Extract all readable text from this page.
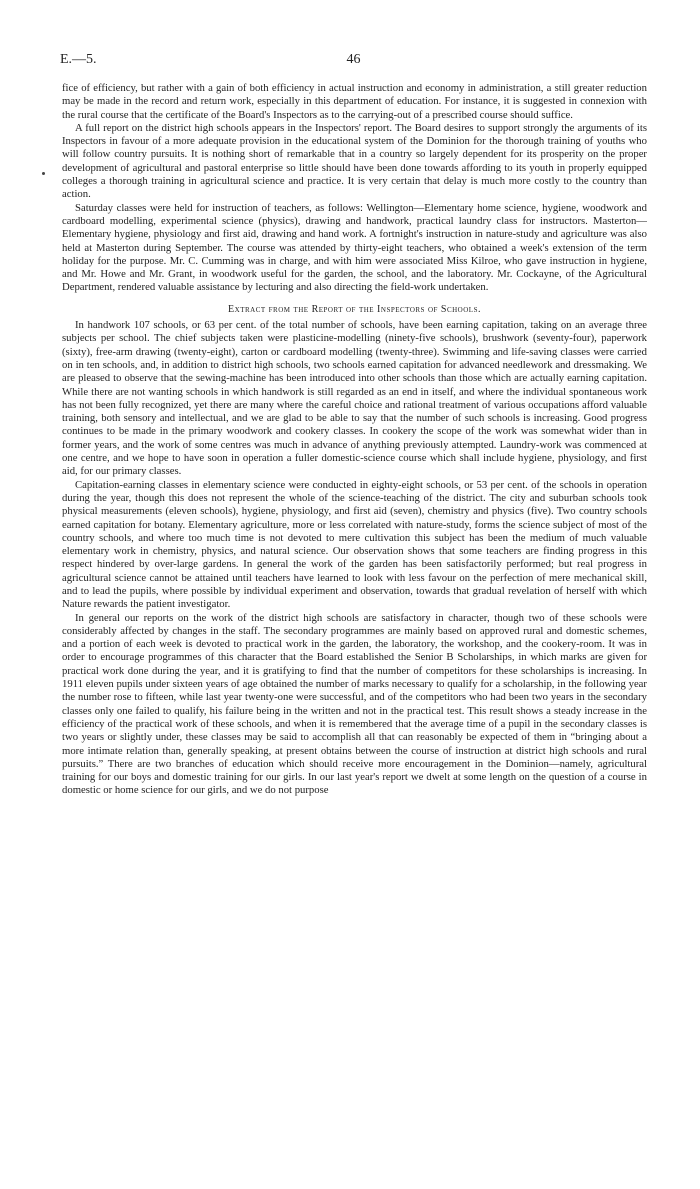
E.—5.	46

fice of efficiency, but rather with a gain of both efficiency in actual instruction and economy in administration, a still greater reduction may be made in the record and return work, especially in this department of education. For instance, it is suggested in connexion with the rural course that the certificate of the Board's Inspectors as to the carrying-out of a prescribed course should suffice.

A full report on the district high schools appears in the Inspectors' report. The Board desires to support strongly the arguments of its Inspectors in favour of a more adequate provision in the educational system of the Dominion for the thorough training of youths who will follow country pursuits. It is nothing short of remarkable that in a country so largely dependent for its prosperity on the proper development of agricultural and pastoral enterprise so little should have been done towards affording to its youth in properly equipped colleges a thorough training in agricultural science and practice. It is very certain that delay is much more costly to the country than action.

Saturday classes were held for instruction of teachers, as follows: Wellington—Elementary home science, hygiene, woodwork and cardboard modelling, experimental science (physics), drawing and handwork, practical laundry class for instructors. Masterton—Elementary hygiene, physiology and first aid, drawing and hand work. A fortnight's instruction in nature-study and agriculture was also held at Masterton during September. The course was attended by thirty-eight teachers, who obtained a week's extension of the term holiday for the purpose. Mr. C. Cumming was in charge, and with him were associated Miss Kilroe, who gave instruction in hygiene, and Mr. Howe and Mr. Grant, in woodwork useful for the garden, the school, and the laboratory. Mr. Cockayne, of the Agricultural Department, rendered valuable assistance by lecturing and also directing the field-work undertaken.

Extract from the Report of the Inspectors of Schools.

In handwork 107 schools, or 63 per cent. of the total number of schools, have been earning capitation, taking on an average three subjects per school. The chief subjects taken were plasticine-modelling (ninety-five schools), brushwork (seventy-four), paperwork (sixty), free-arm drawing (twenty-eight), carton or cardboard modelling (twenty-three). Swimming and life-saving classes were carried on in ten schools, and, in addition to district high schools, two schools earned capitation for advanced needlework and dressmaking. We are pleased to observe that the sewing-machine has been introduced into other schools than those which are actually earning capitation. While there are not wanting schools in which handwork is still regarded as an end in itself, and where the individual spontaneous work has not been fully recognized, yet there are many where the careful choice and rational treatment of various occupations afford valuable training, both sensory and intellectual, and we are glad to be able to say that the number of such schools is increasing. Good progress continues to be made in the primary woodwork and cookery classes. In cookery the scope of the work was somewhat wider than in former years, and the work of some centres was much in advance of anything previously attempted. Laundry-work was commenced at one centre, and we hope to have soon in operation a fuller domestic-science course which shall include hygiene, physiology, and first aid, for our primary classes.

Capitation-earning classes in elementary science were conducted in eighty-eight schools, or 53 per cent. of the schools in operation during the year, though this does not represent the whole of the science-teaching of the district. The city and suburban schools took physical measurements (eleven schools), hygiene, physiology, and first aid (seven), chemistry and physics (five). Two country schools earned capitation for botany. Elementary agriculture, more or less correlated with nature-study, forms the science subject of most of the country schools, and where too much time is not devoted to mere cultivation this subject has been the medium of much valuable elementary work in chemistry, physics, and natural science. Our observation shows that some teachers are finding progress in this respect hindered by over-large gardens. In general the work of the garden has been satisfactorily performed; but real progress in agricultural science cannot be attained until teachers have learned to look with less favour on the perfection of mere mechanical skill, and to lead the pupils, where possible by individual experiment and observation, towards that gradual revelation of herself with which Nature rewards the patient investigator.

In general our reports on the work of the district high schools are satisfactory in character, though two of these schools were considerably affected by changes in the staff. The secondary programmes are mainly based on approved rural and domestic schemes, and a portion of each week is devoted to practical work in the garden, the laboratory, the workshop, and the cookery-room. It was in order to encourage programmes of this character that the Board established the Senior B Scholarships, in which marks are given for practical work done during the year, and it is gratifying to find that the number of competitors for these scholarships is increasing. In 1911 eleven pupils under sixteen years of age obtained the number of marks necessary to qualify for a scholarship, in the following year the number rose to fifteen, while last year twenty-one were successful, and of the competitors who had been two years in the secondary classes only one failed to qualify, his failure being in the written and not in the practical test. This result shows a steady increase in the efficiency of the practical work of these schools, and when it is remembered that the average time of a pupil in the secondary classes is two years or slightly under, these classes may be said to accomplish all that can reasonably be expected of them in “bringing about a more intimate relation than, generally speaking, at present obtains between the course of instruction at district high schools and rural pursuits.” There are two branches of education which should receive more encouragement in the Dominion—namely, agricultural training for our boys and domestic training for our girls. In our last year's report we dwelt at some length on the question of a course in domestic or home science for our girls, and we do not purpose
